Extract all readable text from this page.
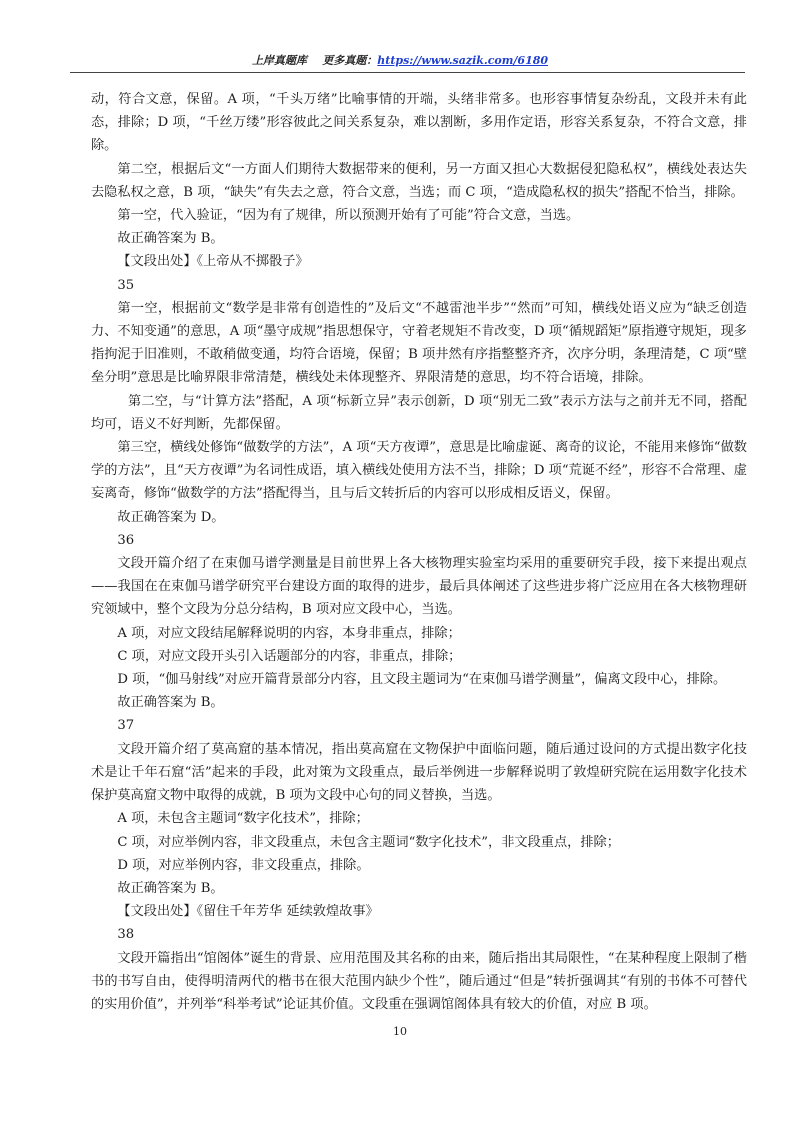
上岸真题库 更多真题：https://www.sazik.com/6180

动，符合文意，保留。A 项，“千头万绪”比喻事情的开端，头绪非常多。也形容事情复杂纷乱，文段并未有此态，排除；D 项，“千丝万缕”形容彼此之间关系复杂，难以割断，多用作定语，形容关系复杂，不符合文意，排除。

第二空，根据后文“一方面人们期待大数据带来的便利，另一方面又担心大数据侵犯隐私权”，横线处表达失去隐私权之意，B 项，“缺失”有失去之意，符合文意，当选；而 C 项，“造成隐私权的损失”搭配不恰当，排除。

第一空，代入验证，“因为有了规律，所以预测开始有了可能”符合文意，当选。

故正确答案为 B。

【文段出处】《上帝从不掷骰子》

35

第一空，根据前文“数学是非常有创造性的”及后文“不越雷池半步”“然而”可知，横线处语义应为“缺乏创造力、不知变通”的意思，A 项“墨守成规”指思想保守，守着老规矩不肯改变，D 项“循规蹈矩”原指遵守规矩，现多指拘泥于旧准则，不敢稍做变通，均符合语境，保留；B 项井然有序指整整齐齐，次序分明，条理清楚，C 项“壁垒分明”意思是比喻界限非常清楚，横线处未体现整齐、界限清楚的意思，均不符合语境，排除。

第二空，与“计算方法”搭配，A 项“标新立异”表示创新，D 项“别无二致”表示方法与之前并无不同，搭配均可，语义不好判断，先都保留。

第三空，横线处修饰“做数学的方法”，A 项“天方夜谭”，意思是比喻虚诞、离奇的议论，不能用来修饰“做数学的方法”，且“天方夜谭”为名词性成语，填入横线处使用方法不当，排除；D 项“荒诞不经”，形容不合常理、虚妄离奇，修饰“做数学的方法”搭配得当，且与后文转折后的内容可以形成相反语义，保留。

故正确答案为 D。

36

文段开篇介绍了在束伽马谱学测量是目前世界上各大核物理实验室均采用的重要研究手段，接下来提出观点——我国在在束伽马谱学研究平台建设方面的取得的进步，最后具体阐述了这些进步将广泛应用在各大核物理研究领域中，整个文段为分总分结构，B 项对应文段中心，当选。

A 项，对应文段结尾解释说明的内容，本身非重点，排除；

C 项，对应文段开头引入话题部分的内容，非重点，排除；

D 项，“伽马射线”对应开篇背景部分内容，且文段主题词为“在束伽马谱学测量”，偏离文段中心，排除。

故正确答案为 B。

37

文段开篇介绍了莫高窟的基本情况，指出莫高窟在文物保护中面临问题，随后通过设问的方式提出数字化技术是让千年石窟“活”起来的手段，此对策为文段重点，最后举例进一步解释说明了敦煌研究院在运用数字化技术保护莫高窟文物中取得的成就，B 项为文段中心句的同义替换，当选。

A 项，未包含主题词“数字化技术”，排除；

C 项，对应举例内容，非文段重点，未包含主题词“数字化技术”，非文段重点，排除；

D 项，对应举例内容，非文段重点，排除。

故正确答案为 B。

【文段出处】《留住千年芳华 延续敦煌故事》

38

文段开篇指出“馆阁体”诞生的背景、应用范围及其名称的由来，随后指出其局限性，“在某种程度上限制了楷书的书写自由，使得明清两代的楷书在很大范围内缺少个性”，随后通过“但是”转折强调其“有别的书体不可替代的实用价值”，并列举“科举考试”论证其价值。文段重在强调馆阁体具有较大的价值，对应 B 项。

10
